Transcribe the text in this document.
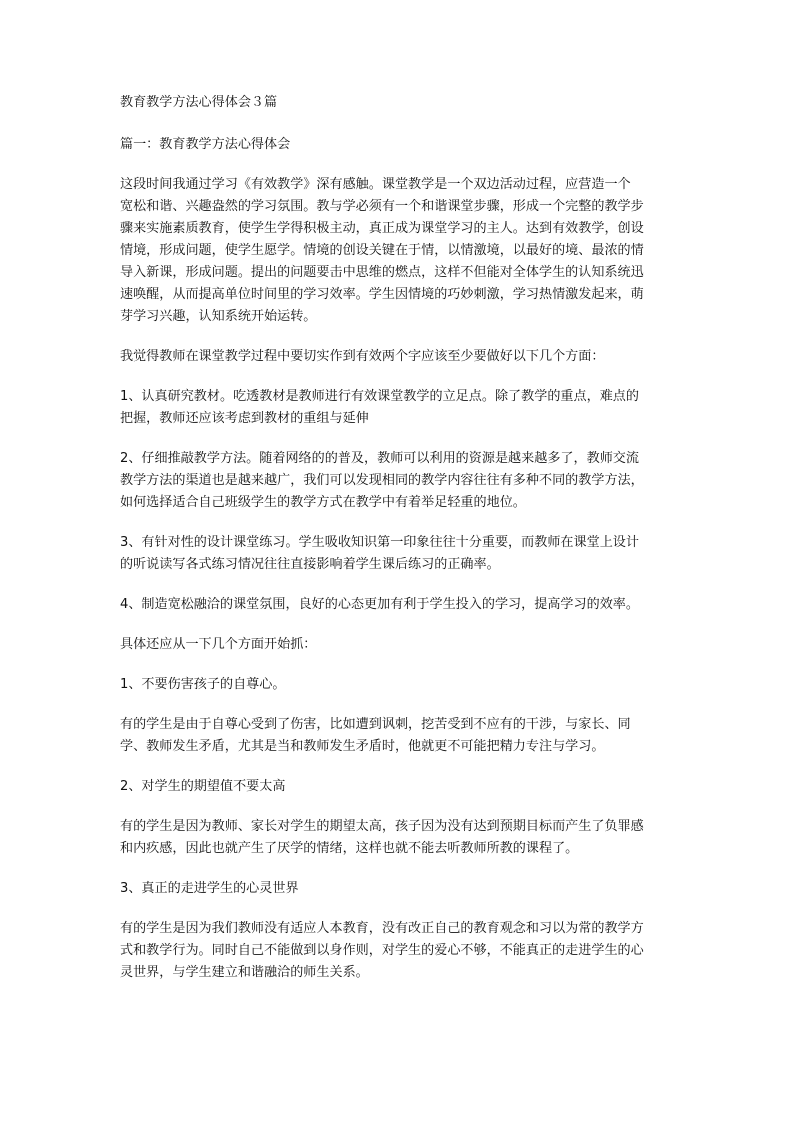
教育教学方法心得体会３篇

篇一：教育教学方法心得体会

这段时间我通过学习《有效教学》深有感触。课堂教学是一个双边活动过程，应营造一个
宽松和谐、兴趣盎然的学习氛围。教与学必须有一个和谐课堂步骤，形成一个完整的教学步
骤来实施素质教育，使学生学得积极主动，真正成为课堂学习的主人。达到有效教学，创设
情境，形成问题，使学生愿学。情境的创设关键在于情，以情激境，以最好的境、最浓的情
导入新课，形成问题。提出的问题要击中思维的燃点，这样不但能对全体学生的认知系统迅
速唤醒，从而提高单位时间里的学习效率。学生因情境的巧妙刺激，学习热情激发起来，萌
芽学习兴趣，认知系统开始运转。

我觉得教师在课堂教学过程中要切实作到有效两个字应该至少要做好以下几个方面：

1、认真研究教材。吃透教材是教师进行有效课堂教学的立足点。除了教学的重点，难点的
把握，教师还应该考虑到教材的重组与延伸

2、仔细推敲教学方法。随着网络的的普及，教师可以利用的资源是越来越多了，教师交流
教学方法的渠道也是越来越广，我们可以发现相同的教学内容往往有多种不同的教学方法，
如何选择适合自己班级学生的教学方式在教学中有着举足轻重的地位。

3、有针对性的设计课堂练习。学生吸收知识第一印象往往十分重要，而教师在课堂上设计
的听说读写各式练习情况往往直接影响着学生课后练习的正确率。

4、制造宽松融洽的课堂氛围，良好的心态更加有利于学生投入的学习，提高学习的效率。

具体还应从一下几个方面开始抓：

1、不要伤害孩子的自尊心。

有的学生是由于自尊心受到了伤害，比如遭到讽刺，挖苦受到不应有的干涉，与家长、同
学、教师发生矛盾，尤其是当和教师发生矛盾时，他就更不可能把精力专注与学习。

2、对学生的期望值不要太高

有的学生是因为教师、家长对学生的期望太高，孩子因为没有达到预期目标而产生了负罪感
和内疚感，因此也就产生了厌学的情绪，这样也就不能去听教师所教的课程了。

3、真正的走进学生的心灵世界

有的学生是因为我们教师没有适应人本教育，没有改正自己的教育观念和习以为常的教学方
式和教学行为。同时自己不能做到以身作则，对学生的爱心不够，不能真正的走进学生的心
灵世界，与学生建立和谐融洽的师生关系。
